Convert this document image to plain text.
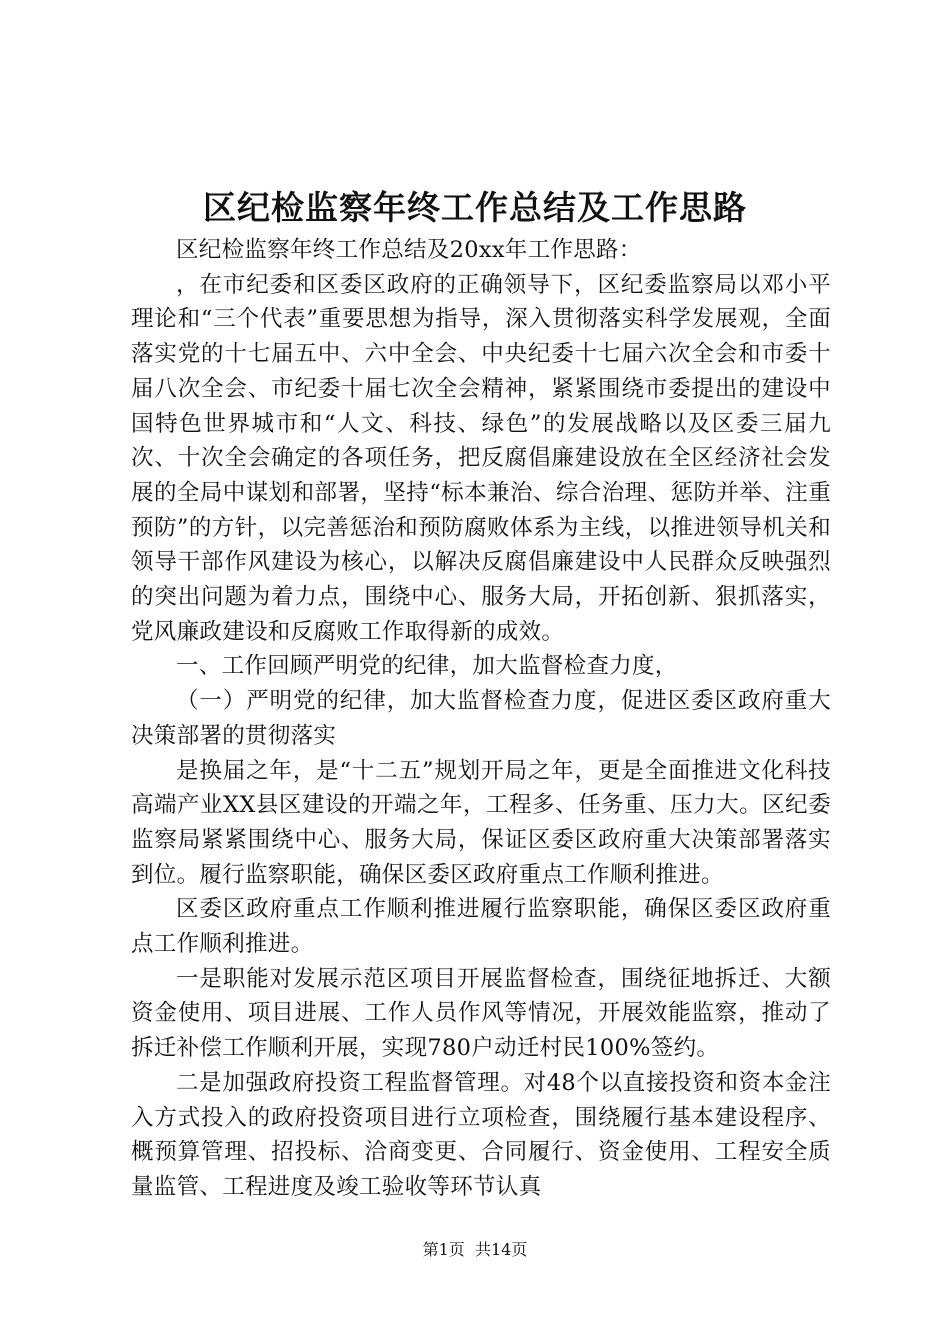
区纪检监察年终工作总结及工作思路

区纪检监察年终工作总结及20xx年工作思路：

，在市纪委和区委区政府的正确领导下，区纪委监察局以邓小平理论和“三个代表”重要思想为指导，深入贯彻落实科学发展观，全面落实党的十七届五中、六中全会、中央纪委十七届六次全会和市委十届八次全会、市纪委十届七次全会精神，紧紧围绕市委提出的建设中国特色世界城市和“人文、科技、绿色”的发展战略以及区委三届九次、十次全会确定的各项任务，把反腐倡廉建设放在全区经济社会发展的全局中谋划和部署，坚持“标本兼治、综合治理、惩防并举、注重预防”的方针，以完善惩治和预防腐败体系为主线，以推进领导机关和领导干部作风建设为核心，以解决反腐倡廉建设中人民群众反映强烈的突出问题为着力点，围绕中心、服务大局，开拓创新、狠抓落实，党风廉政建设和反腐败工作取得新的成效。

一、工作回顾严明党的纪律，加大监督检查力度，

（一）严明党的纪律，加大监督检查力度，促进区委区政府重大决策部署的贯彻落实

是换届之年，是“十二五”规划开局之年，更是全面推进文化科技高端产业XX县区建设的开端之年，工程多、任务重、压力大。区纪委监察局紧紧围绕中心、服务大局，保证区委区政府重大决策部署落实到位。履行监察职能，确保区委区政府重点工作顺利推进。

区委区政府重点工作顺利推进履行监察职能，确保区委区政府重点工作顺利推进。

一是职能对发展示范区项目开展监督检查，围绕征地拆迁、大额资金使用、项目进展、工作人员作风等情况，开展效能监察，推动了拆迁补偿工作顺利开展，实现780户动迁村民100%签约。

二是加强政府投资工程监督管理。对48个以直接投资和资本金注入方式投入的政府投资项目进行立项检查，围绕履行基本建设程序、概预算管理、招投标、洽商变更、合同履行、资金使用、工程安全质量监管、工程进度及竣工验收等环节认真

第1页 共14页
